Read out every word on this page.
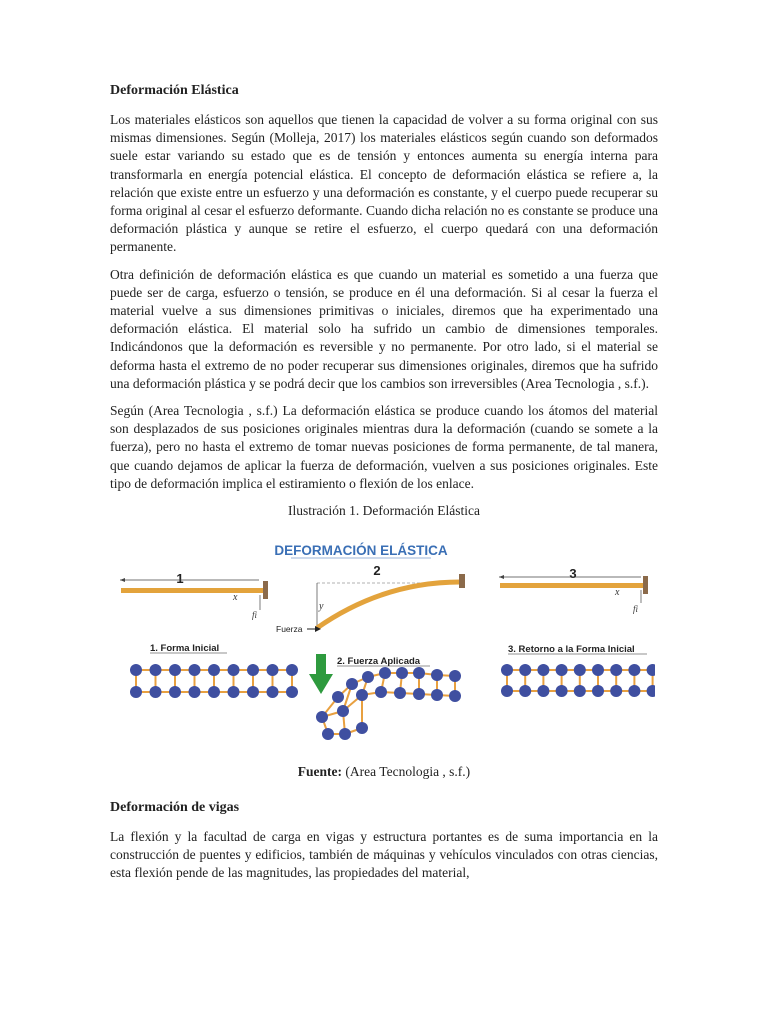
Deformación Elástica

Los materiales elásticos son aquellos que tienen la capacidad de volver a su forma original con sus mismas dimensiones. Según (Molleja, 2017) los materiales elásticos según cuando son deformados suele estar variando su estado que es de tensión y entonces aumenta su energía interna para transformarla en energía potencial elástica. El concepto de deformación elástica se refiere a, la relación que existe entre un esfuerzo y una deformación es constante, y el cuerpo puede recuperar su forma original al cesar el esfuerzo deformante. Cuando dicha relación no es constante se produce una deformación plástica y aunque se retire el esfuerzo, el cuerpo quedará con una deformación permanente.

Otra definición de deformación elástica es que cuando un material es sometido a una fuerza que puede ser de carga, esfuerzo o tensión, se produce en él una deformación. Si al cesar la fuerza el material vuelve a sus dimensiones primitivas o iniciales, diremos que ha experimentado una deformación elástica. El material solo ha sufrido un cambio de dimensiones temporales. Indicándonos que la deformación es reversible y no permanente. Por otro lado, si el material se deforma hasta el extremo de no poder recuperar sus dimensiones originales, diremos que ha sufrido una deformación plástica y se podrá decir que los cambios son irreversibles (Area Tecnologia , s.f.).

Según (Area Tecnologia , s.f.) La deformación elástica se produce cuando los átomos del material son desplazados de sus posiciones originales mientras dura la deformación (cuando se somete a la fuerza), pero no hasta el extremo de tomar nuevas posiciones de forma permanente, de tal manera, que cuando dejamos de aplicar la fuerza de deformación, vuelven a sus posiciones originales. Este tipo de deformación implica el estiramiento o flexión de los enlace.

Ilustración 1. Deformación Elástica
DEFORMACIÓN ELÁSTICA
1
x
fi
2
y
Fuerza
3
x
fi
1. Forma Inicial
2. Fuerza Aplicada
3. Retorno a la Forma Inicial
Fuente: (Area Tecnologia , s.f.)
Deformación de vigas

La flexión y la facultad de carga en vigas y estructura portantes es de suma importancia en la construcción de puentes y edificios, también de máquinas y vehículos vinculados con otras ciencias, esta flexión pende de las magnitudes, las propiedades del material,
